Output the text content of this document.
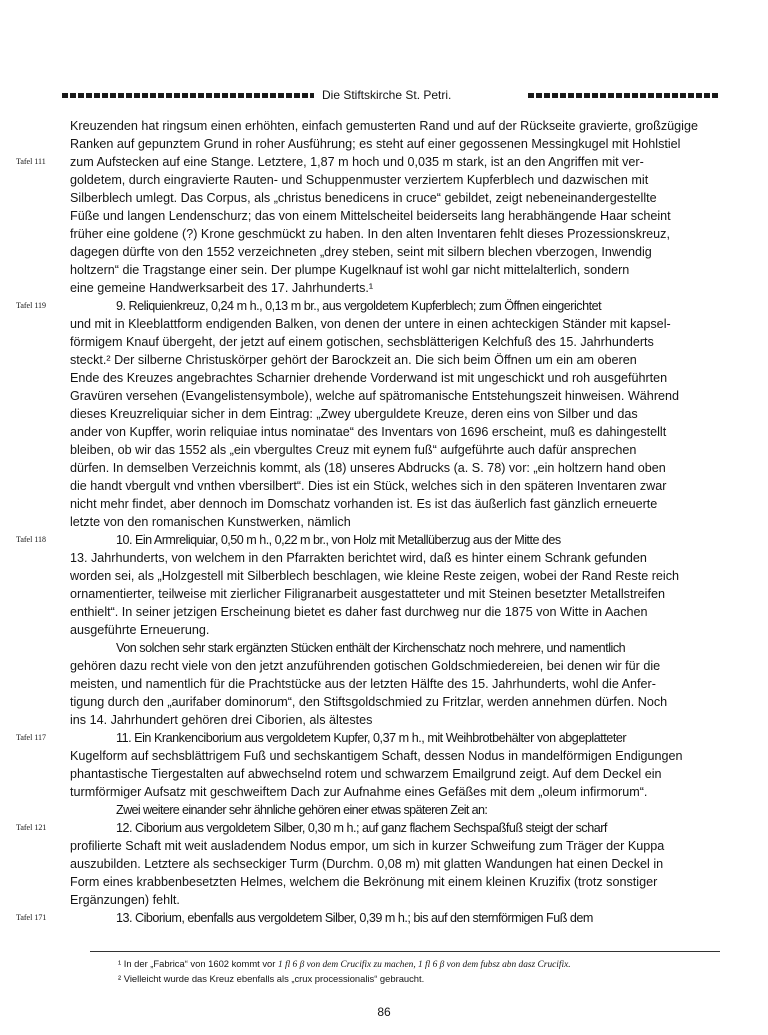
Die Stiftskirche St. Petri.
Kreuzenden hat ringsum einen erhöhten, einfach gemusterten Rand und auf der Rückseite gravierte, großzügige
Ranken auf gepunztem Grund in roher Ausführung; es steht auf einer gegossenen Messingkugel mit Hohlstiel
Tafel 111	zum Aufstecken auf eine Stange. Letztere, 1,87 m hoch und 0,035 m stark, ist an den Angriffen mit ver-
goldetem, durch eingravierte Rauten- und Schuppenmuster verziertem Kupferblech und dazwischen mit
Silberblech umlegt. Das Corpus, als „christus benedicens in cruce“ gebildet, zeigt nebeneinandergestellte
Füße und langen Lendenschurz; das von einem Mittelscheitel beiderseits lang herabhängende Haar scheint
früher eine goldene (?) Krone geschmückt zu haben. In den alten Inventaren fehlt dieses Prozessionskreuz,
dagegen dürfte von den 1552 verzeichneten „drey steben, seint mit silbern blechen vberzogen, Inwendig
holtzern“ die Tragstange einer sein. Der plumpe Kugelknauf ist wohl gar nicht mittelalterlich, sondern
eine gemeine Handwerksarbeit des 17. Jahrhunderts.¹
Tafel 119	9. Reliquienkreuz, 0,24 m h., 0,13 m br., aus vergoldetem Kupferblech; zum Öffnen eingerichtet
und mit in Kleeblattform endigenden Balken, von denen der untere in einen achteckigen Ständer mit kapsel-
förmigem Knauf übergeht, der jetzt auf einem gotischen, sechsblätterigen Kelchfuß des 15. Jahrhunderts
steckt.² Der silberne Christuskörper gehört der Barockzeit an. Die sich beim Öffnen um ein am oberen
Ende des Kreuzes angebrachtes Scharnier drehende Vorderwand ist mit ungeschickt und roh ausgeführten
Gravüren versehen (Evangelistensymbole), welche auf spätromanische Entstehungszeit hinweisen. Während
dieses Kreuzreliquiar sicher in dem Eintrag: „Zwey uberguldete Kreuze, deren eins von Silber und das
ander von Kupffer, worin reliquiae intus nominatae“ des Inventars von 1696 erscheint, muß es dahingestellt
bleiben, ob wir das 1552 als „ein vbergultes Creuz mit eynem fuß“ aufgeführte auch dafür ansprechen
dürfen. In demselben Verzeichnis kommt, als (18) unseres Abdrucks (a. S. 78) vor: „ein holtzern hand oben
die handt vbergult vnd vnthen vbersilbert“. Dies ist ein Stück, welches sich in den späteren Inventaren zwar
nicht mehr findet, aber dennoch im Domschatz vorhanden ist. Es ist das äußerlich fast gänzlich erneuerte
letzte von den romanischen Kunstwerken, nämlich
Tafel 118	10. Ein Armreliquiar, 0,50 m h., 0,22 m br., von Holz mit Metallüberzug aus der Mitte des
13. Jahrhunderts, von welchem in den Pfarrakten berichtet wird, daß es hinter einem Schrank gefunden
worden sei, als „Holzgestell mit Silberblech beschlagen, wie kleine Reste zeigen, wobei der Rand Reste reich
ornamentierter, teilweise mit zierlicher Filigranarbeit ausgestatteter und mit Steinen besetzter Metallstreifen
enthielt“. In seiner jetzigen Erscheinung bietet es daher fast durchweg nur die 1875 von Witte in Aachen
ausgeführte Erneuerung.
Von solchen sehr stark ergänzten Stücken enthält der Kirchenschatz noch mehrere, und namentlich
gehören dazu recht viele von den jetzt anzuführenden gotischen Goldschmiedereien, bei denen wir für die
meisten, und namentlich für die Prachtstücke aus der letzten Hälfte des 15. Jahrhunderts, wohl die Anfer-
tigung durch den „aurifaber dominorum“, den Stiftsgoldschmied zu Fritzlar, werden annehmen dürfen. Noch
ins 14. Jahrhundert gehören drei Ciborien, als ältestes
Tafel 117	11. Ein Krankenciborium aus vergoldetem Kupfer, 0,37 m h., mit Weihbrotbehälter von abgeplatteter
Kugelform auf sechsblättrigem Fuß und sechskantigem Schaft, dessen Nodus in mandelförmigen Endigungen
phantastische Tiergestalten auf abwechselnd rotem und schwarzem Emailgrund zeigt. Auf dem Deckel ein
turmförmiger Aufsatz mit geschweiftem Dach zur Aufnahme eines Gefäßes mit dem „oleum infirmorum“.
Zwei weitere einander sehr ähnliche gehören einer etwas späteren Zeit an:
Tafel 121	12. Ciborium aus vergoldetem Silber, 0,30 m h.; auf ganz flachem Sechspaßfuß steigt der scharf
profilierte Schaft mit weit ausladendem Nodus empor, um sich in kurzer Schweifung zum Träger der Kuppa
auszubilden. Letztere als sechseckiger Turm (Durchm. 0,08 m) mit glatten Wandungen hat einen Deckel in
Form eines krabbenbesetzten Helmes, welchem die Bekrönung mit einem kleinen Kruzifix (trotz sonstiger
Ergänzungen) fehlt.
Tafel 171	13. Ciborium, ebenfalls aus vergoldetem Silber, 0,39 m h.; bis auf den sternförmigen Fuß dem
¹ In der „Fabrica“ von 1602 kommt vor 1 fl 6 β von dem Crucifix zu machen, 1 fl 6 β von dem fubsz abn dasz Crucifix.
² Vielleicht wurde das Kreuz ebenfalls als „crux processionalis“ gebraucht.
86
